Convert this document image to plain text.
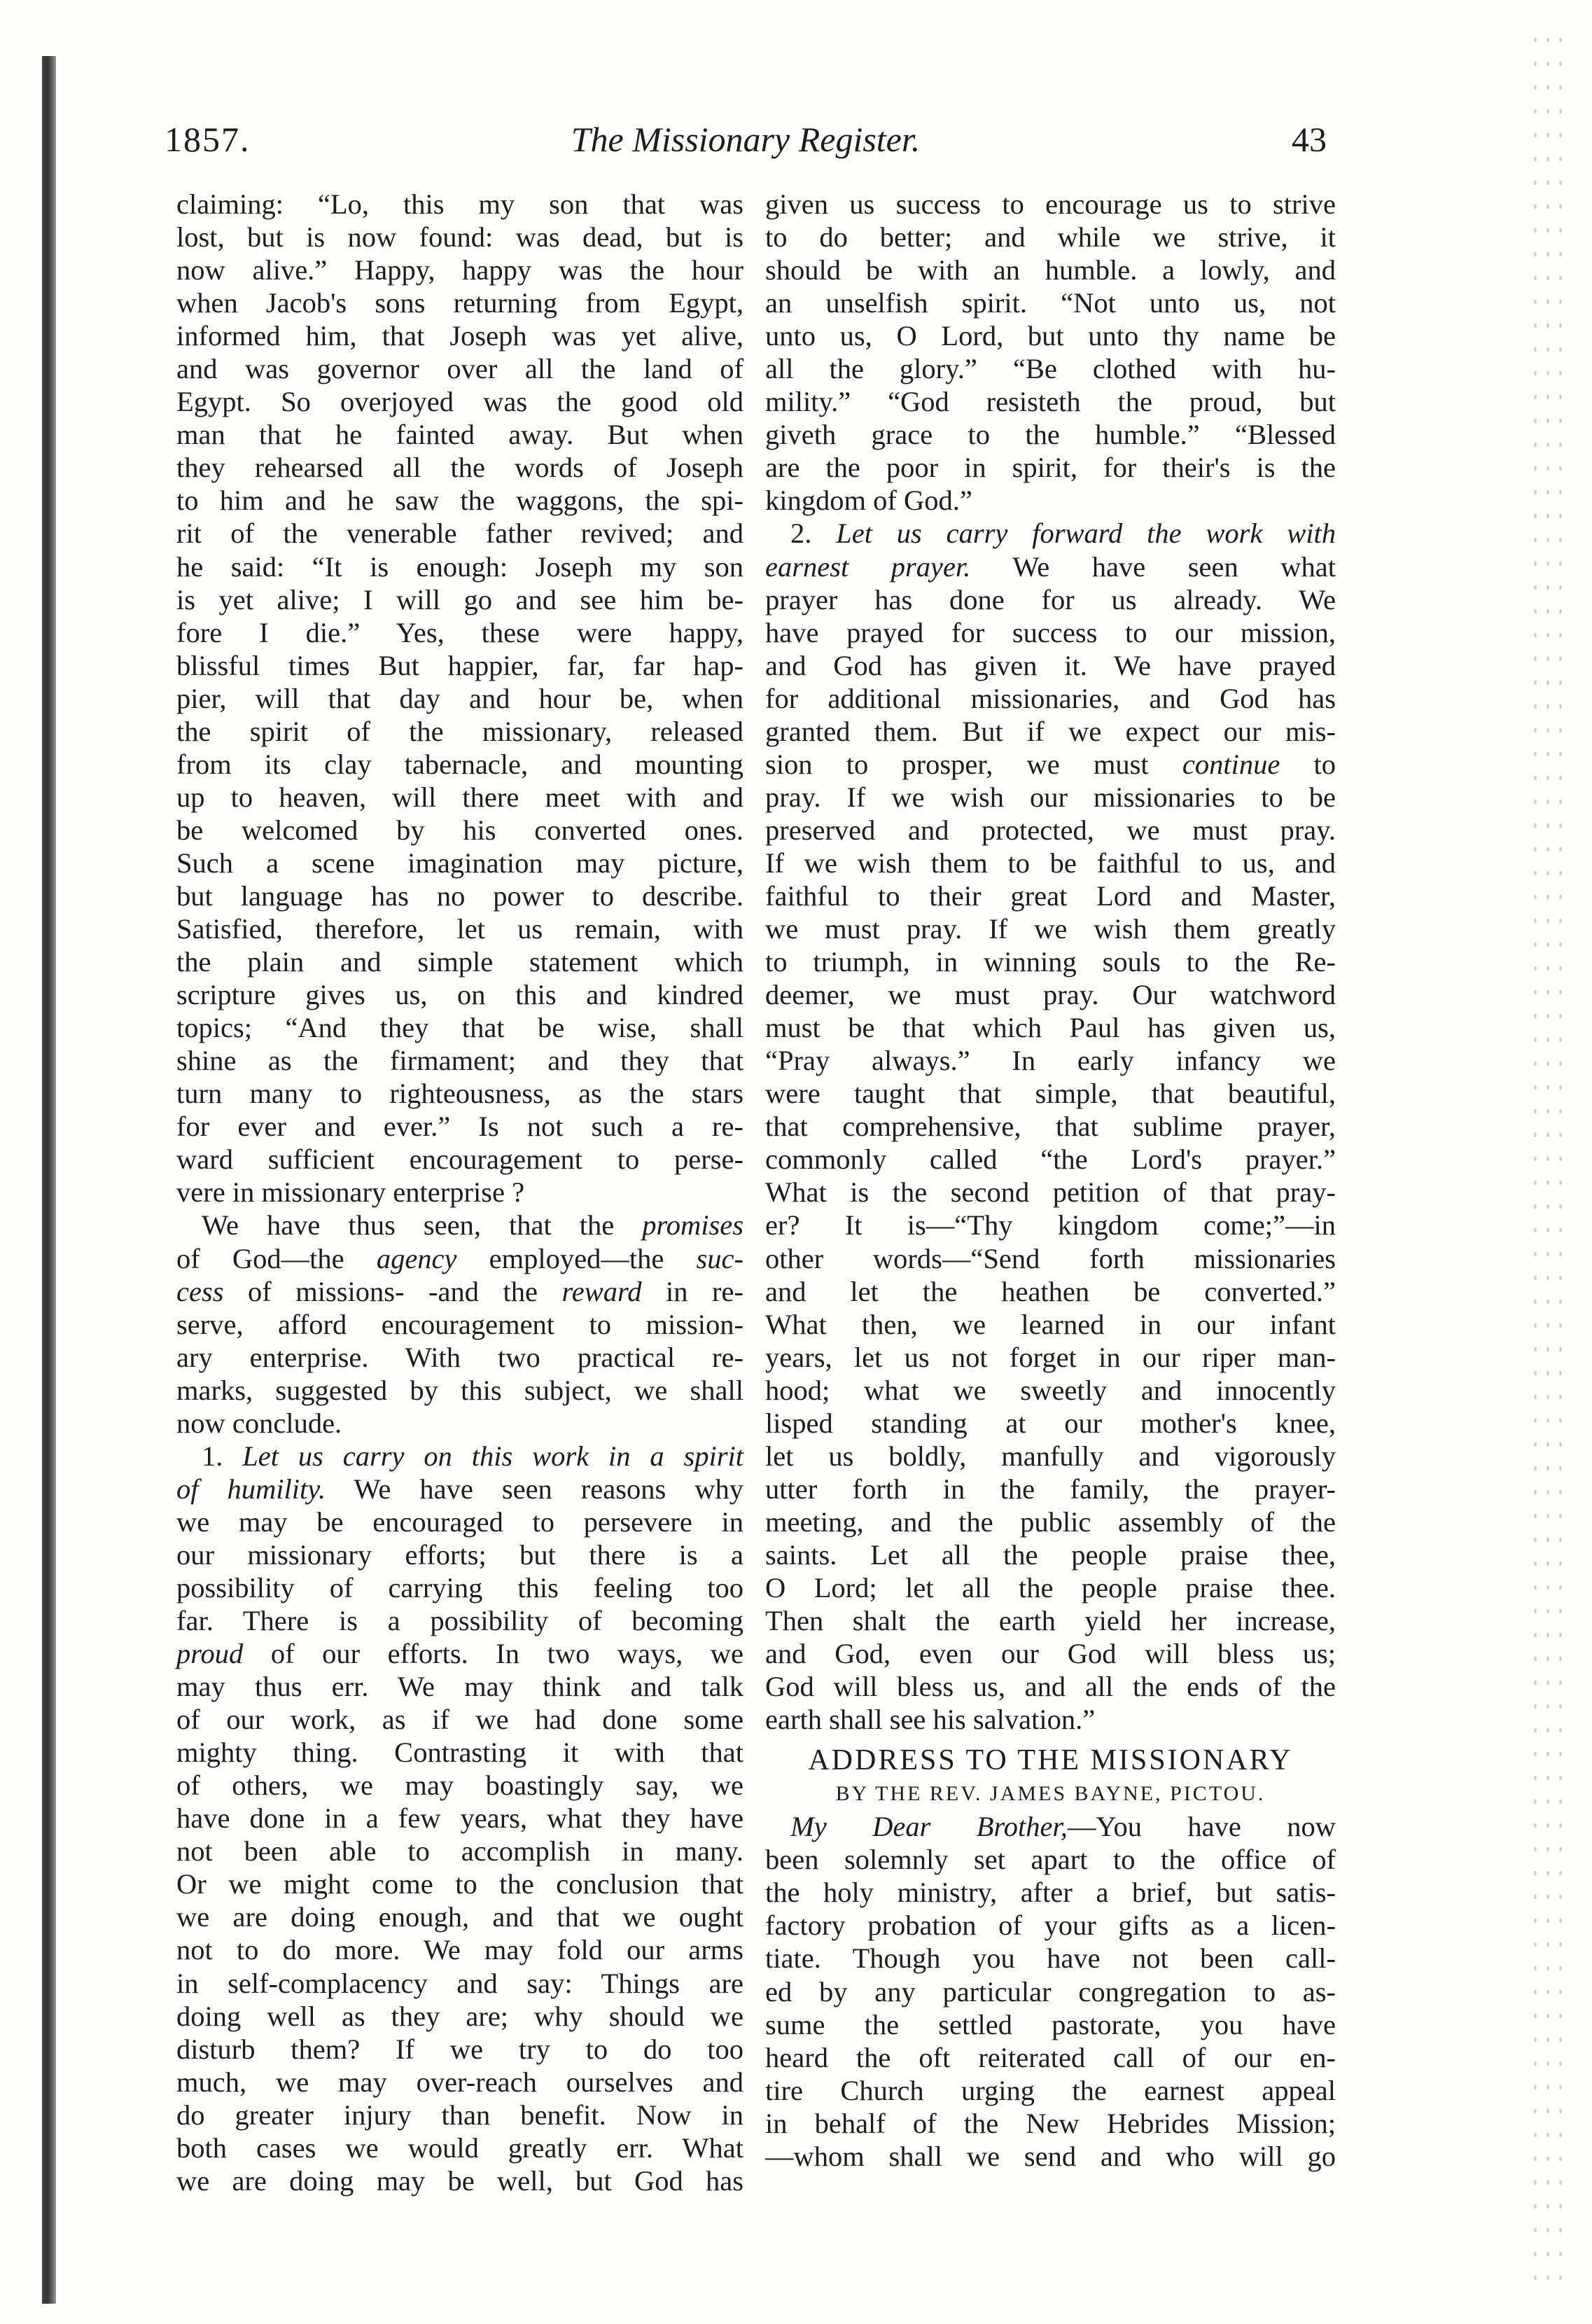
1857.	The Missionary Register.	43
claiming: “Lo, this my son that was
lost, but is now found: was dead, but is
now alive.” Happy, happy was the hour
when Jacob's sons returning from Egypt,
informed him, that Joseph was yet alive,
and was governor over all the land of
Egypt. So overjoyed was the good old
man that he fainted away. But when
they rehearsed all the words of Joseph
to him and he saw the waggons, the spi-
rit of the venerable father revived; and
he said: “It is enough: Joseph my son
is yet alive; I will go and see him be-
fore I die.” Yes, these were happy,
blissful times But happier, far, far hap-
pier, will that day and hour be, when
the spirit of the missionary, released
from its clay tabernacle, and mounting
up to heaven, will there meet with and
be welcomed by his converted ones.
Such a scene imagination may picture,
but language has no power to describe.
Satisfied, therefore, let us remain, with
the plain and simple statement which
scripture gives us, on this and kindred
topics; “And they that be wise, shall
shine as the firmament; and they that
turn many to righteousness, as the stars
for ever and ever.” Is not such a re-
ward sufficient encouragement to perse-
vere in missionary enterprise ?
We have thus seen, that the promises
of God—the agency employed—the suc-
cess of missions- -and the reward in re-
serve, afford encouragement to mission-
ary enterprise. With two practical re-
marks, suggested by this subject, we shall
now conclude.
1. Let us carry on this work in a spirit
of humility. We have seen reasons why
we may be encouraged to persevere in
our missionary efforts; but there is a
possibility of carrying this feeling too
far. There is a possibility of becoming
proud of our efforts. In two ways, we
may thus err. We may think and talk
of our work, as if we had done some
mighty thing. Contrasting it with that
of others, we may boastingly say, we
have done in a few years, what they have
not been able to accomplish in many.
Or we might come to the conclusion that
we are doing enough, and that we ought
not to do more. We may fold our arms
in self-complacency and say: Things are
doing well as they are; why should we
disturb them? If we try to do too
much, we may over-reach ourselves and
do greater injury than benefit. Now in
both cases we would greatly err. What
we are doing may be well, but God has
given us success to encourage us to strive
to do better; and while we strive, it
should be with an humble. a lowly, and
an unselfish spirit. “Not unto us, not
unto us, O Lord, but unto thy name be
all the glory.” “Be clothed with hu-
mility.” “God resisteth the proud, but
giveth grace to the humble.” “Blessed
are the poor in spirit, for their's is the
kingdom of God.”
2. Let us carry forward the work with
earnest prayer. We have seen what
prayer has done for us already. We
have prayed for success to our mission,
and God has given it. We have prayed
for additional missionaries, and God has
granted them. But if we expect our mis-
sion to prosper, we must continue to
pray. If we wish our missionaries to be
preserved and protected, we must pray.
If we wish them to be faithful to us, and
faithful to their great Lord and Master,
we must pray. If we wish them greatly
to triumph, in winning souls to the Re-
deemer, we must pray. Our watchword
must be that which Paul has given us,
“Pray always.” In early infancy we
were taught that simple, that beautiful,
that comprehensive, that sublime prayer,
commonly called “the Lord's prayer.”
What is the second petition of that pray-
er? It is—“Thy kingdom come;”—in
other words—“Send forth missionaries
and let the heathen be converted.”
What then, we learned in our infant
years, let us not forget in our riper man-
hood; what we sweetly and innocently
lisped standing at our mother's knee,
let us boldly, manfully and vigorously
utter forth in the family, the prayer-
meeting, and the public assembly of the
saints. Let all the people praise thee,
O Lord; let all the people praise thee.
Then shalt the earth yield her increase,
and God, even our God will bless us;
God will bless us, and all the ends of the
earth shall see his salvation.”
ADDRESS TO THE MISSIONARY
BY THE REV. JAMES BAYNE, PICTOU.
My Dear Brother,—You have now
been solemnly set apart to the office of
the holy ministry, after a brief, but satis-
factory probation of your gifts as a licen-
tiate. Though you have not been call-
ed by any particular congregation to as-
sume the settled pastorate, you have
heard the oft reiterated call of our en-
tire Church urging the earnest appeal
in behalf of the New Hebrides Mission;
—whom shall we send and who will go
